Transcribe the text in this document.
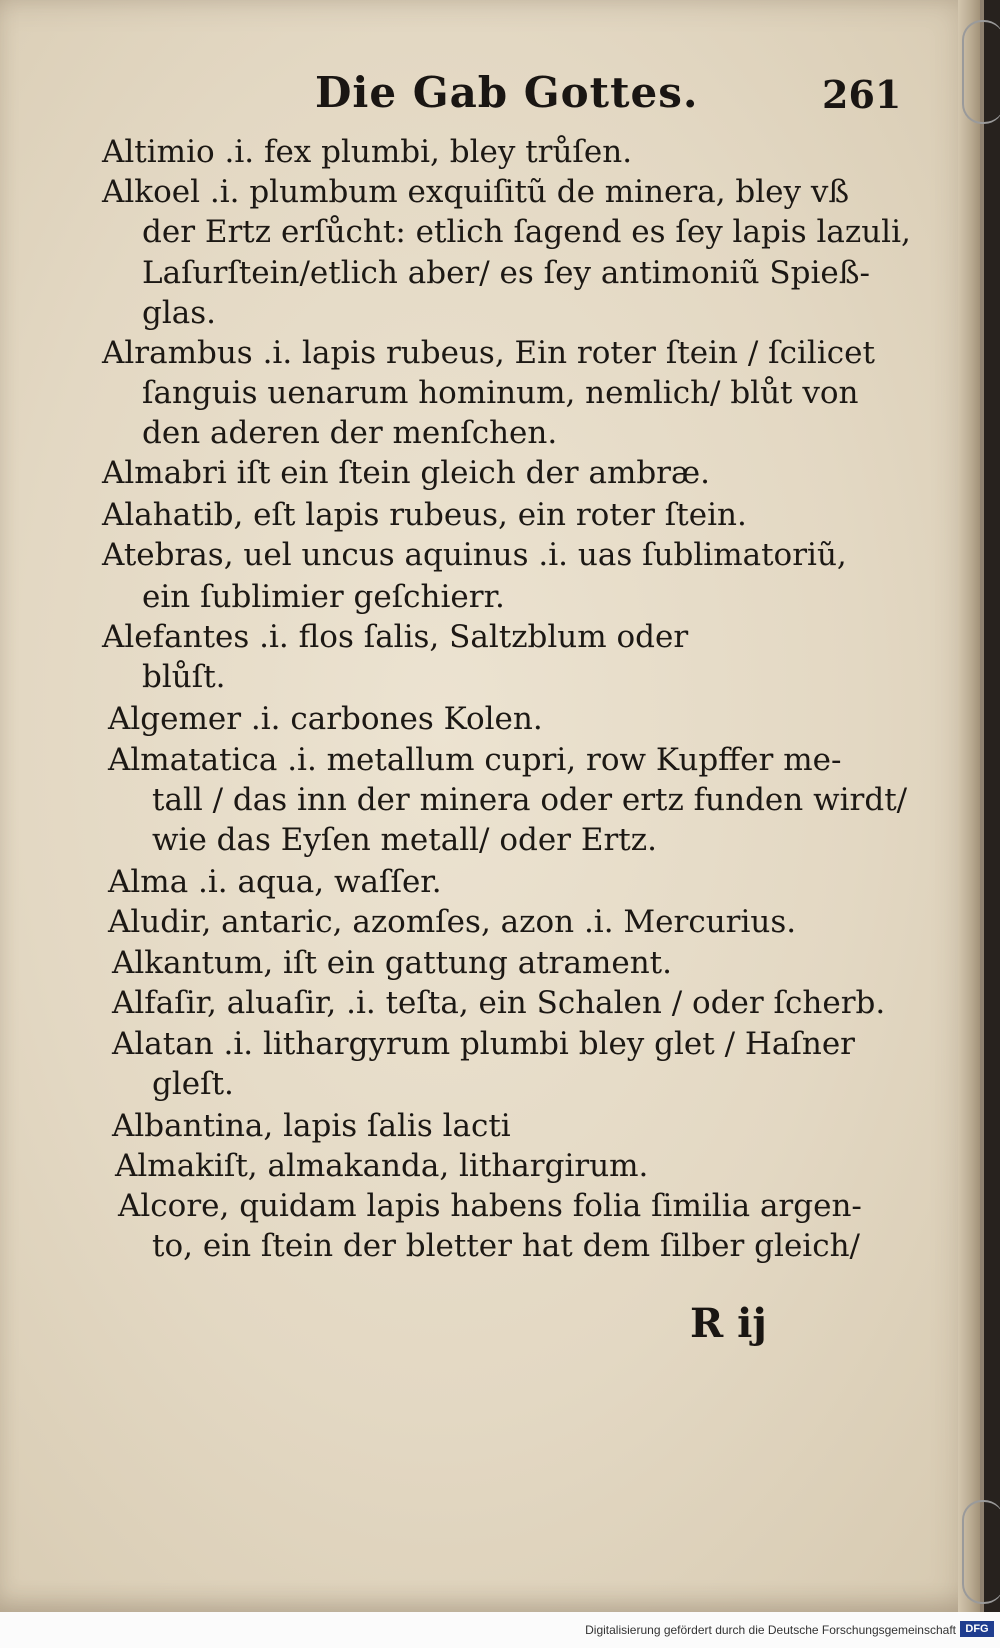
Die Gab Gottes.	261
Altimio .i. fex plumbi, bley trůſen.
Alkoel .i. plumbum exquiſitũ de minera, bley vß
der Ertz erſůcht: etlich ſagend es ſey lapis lazuli,
Laſurſtein/etlich aber/ es ſey antimoniũ Spieß-
glas.
Alrambus .i. lapis rubeus, Ein roter ſtein / ſcilicet
ſanguis uenarum hominum, nemlich/ blůt von
den aderen der menſchen.
Almabri iſt ein ſtein gleich der ambræ.
Alahatib, eſt lapis rubeus, ein roter ſtein.
Atebras, uel uncus aquinus .i. uas ſublimatoriũ,
ein ſublimier geſchierr.
Alefantes .i. flos ſalis, Saltzblum oder
blůſt.
Algemer .i. carbones Kolen.
Almatatica .i. metallum cupri, row Kupffer me-
tall / das inn der minera oder ertz funden wirdt/
wie das Eyſen metall/ oder Ertz.
Alma .i. aqua, waſſer.
Aludir, antaric, azomſes, azon .i. Mercurius.
Alkantum, iſt ein gattung atrament.
Alfaſir, aluaſir, .i. teſta, ein Schalen / oder ſcherb.
Alatan .i. lithargyrum plumbi bley glet / Haſner
gleſt.
Albantina, lapis ſalis lacti
Almakiſt, almakanda, lithargirum.
Alcore, quidam lapis habens folia ſimilia argen-
to, ein ſtein der bletter hat dem ſilber gleich/
R ij
Digitalisierung gefördert durch die Deutsche Forschungsgemeinschaft DFG
